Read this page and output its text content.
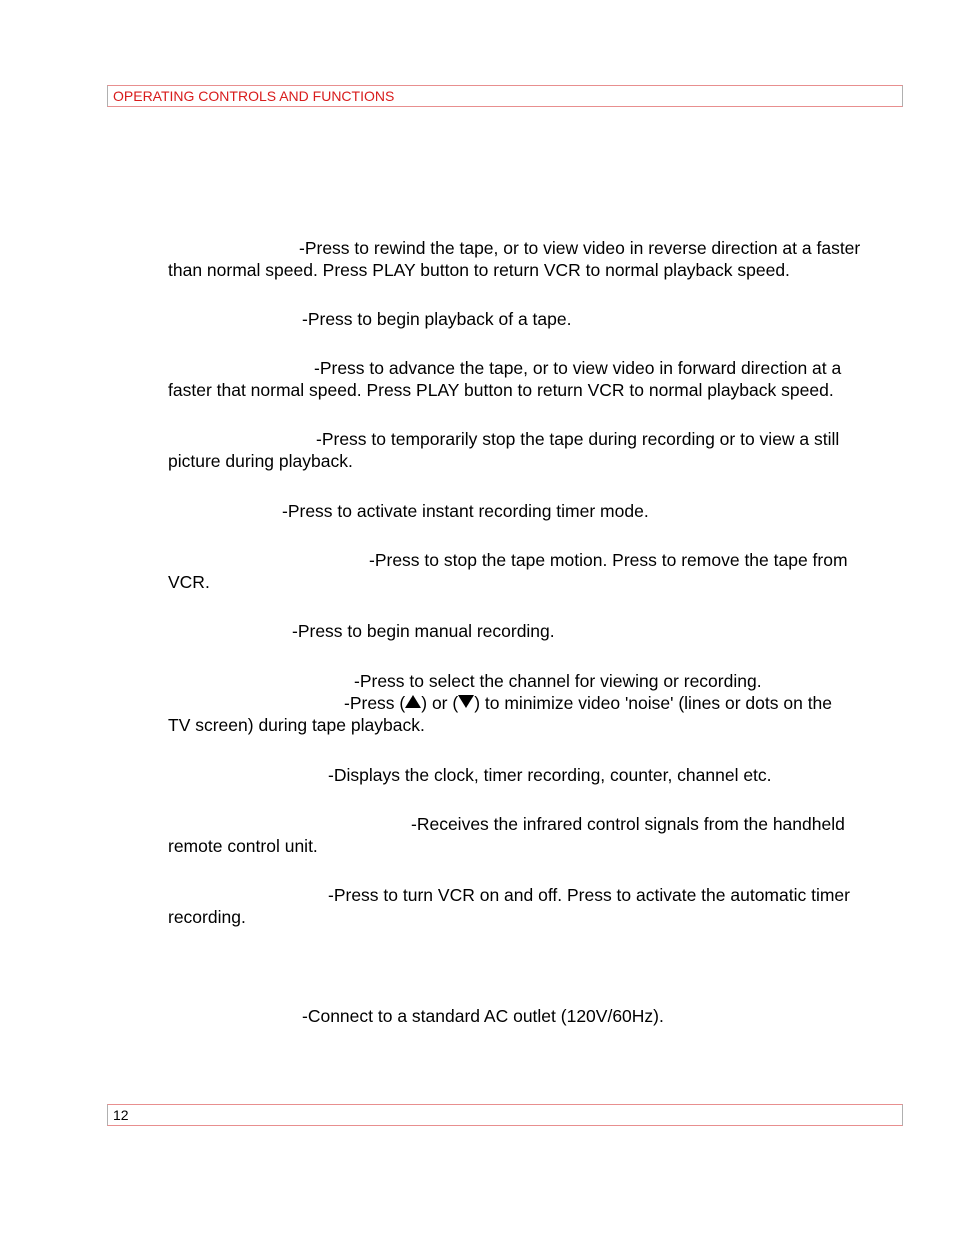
OPERATING CONTROLS AND FUNCTIONS

-Press to rewind the tape, or to view video in reverse direction at a faster
than normal speed. Press PLAY button to return VCR to normal playback speed.

-Press to begin playback of a tape.

-Press to advance the tape, or to view video in forward direction at a
faster that normal speed. Press PLAY button to return VCR to normal playback speed.

-Press to temporarily stop the tape during recording or to view a still
picture during playback.

-Press to activate instant recording timer mode.

-Press to stop the tape motion. Press to remove the tape from
VCR.

-Press to begin manual recording.

-Press to select the channel for viewing or recording.
-Press ( ) or ( ) to minimize video 'noise' (lines or dots on the
TV screen) during tape playback.

-Displays the clock, timer recording, counter, channel etc.

-Receives the infrared control signals from the handheld
remote control unit.

-Press to turn VCR on and off. Press to activate the automatic timer
recording.

-Connect to a standard AC outlet (120V/60Hz).

12
